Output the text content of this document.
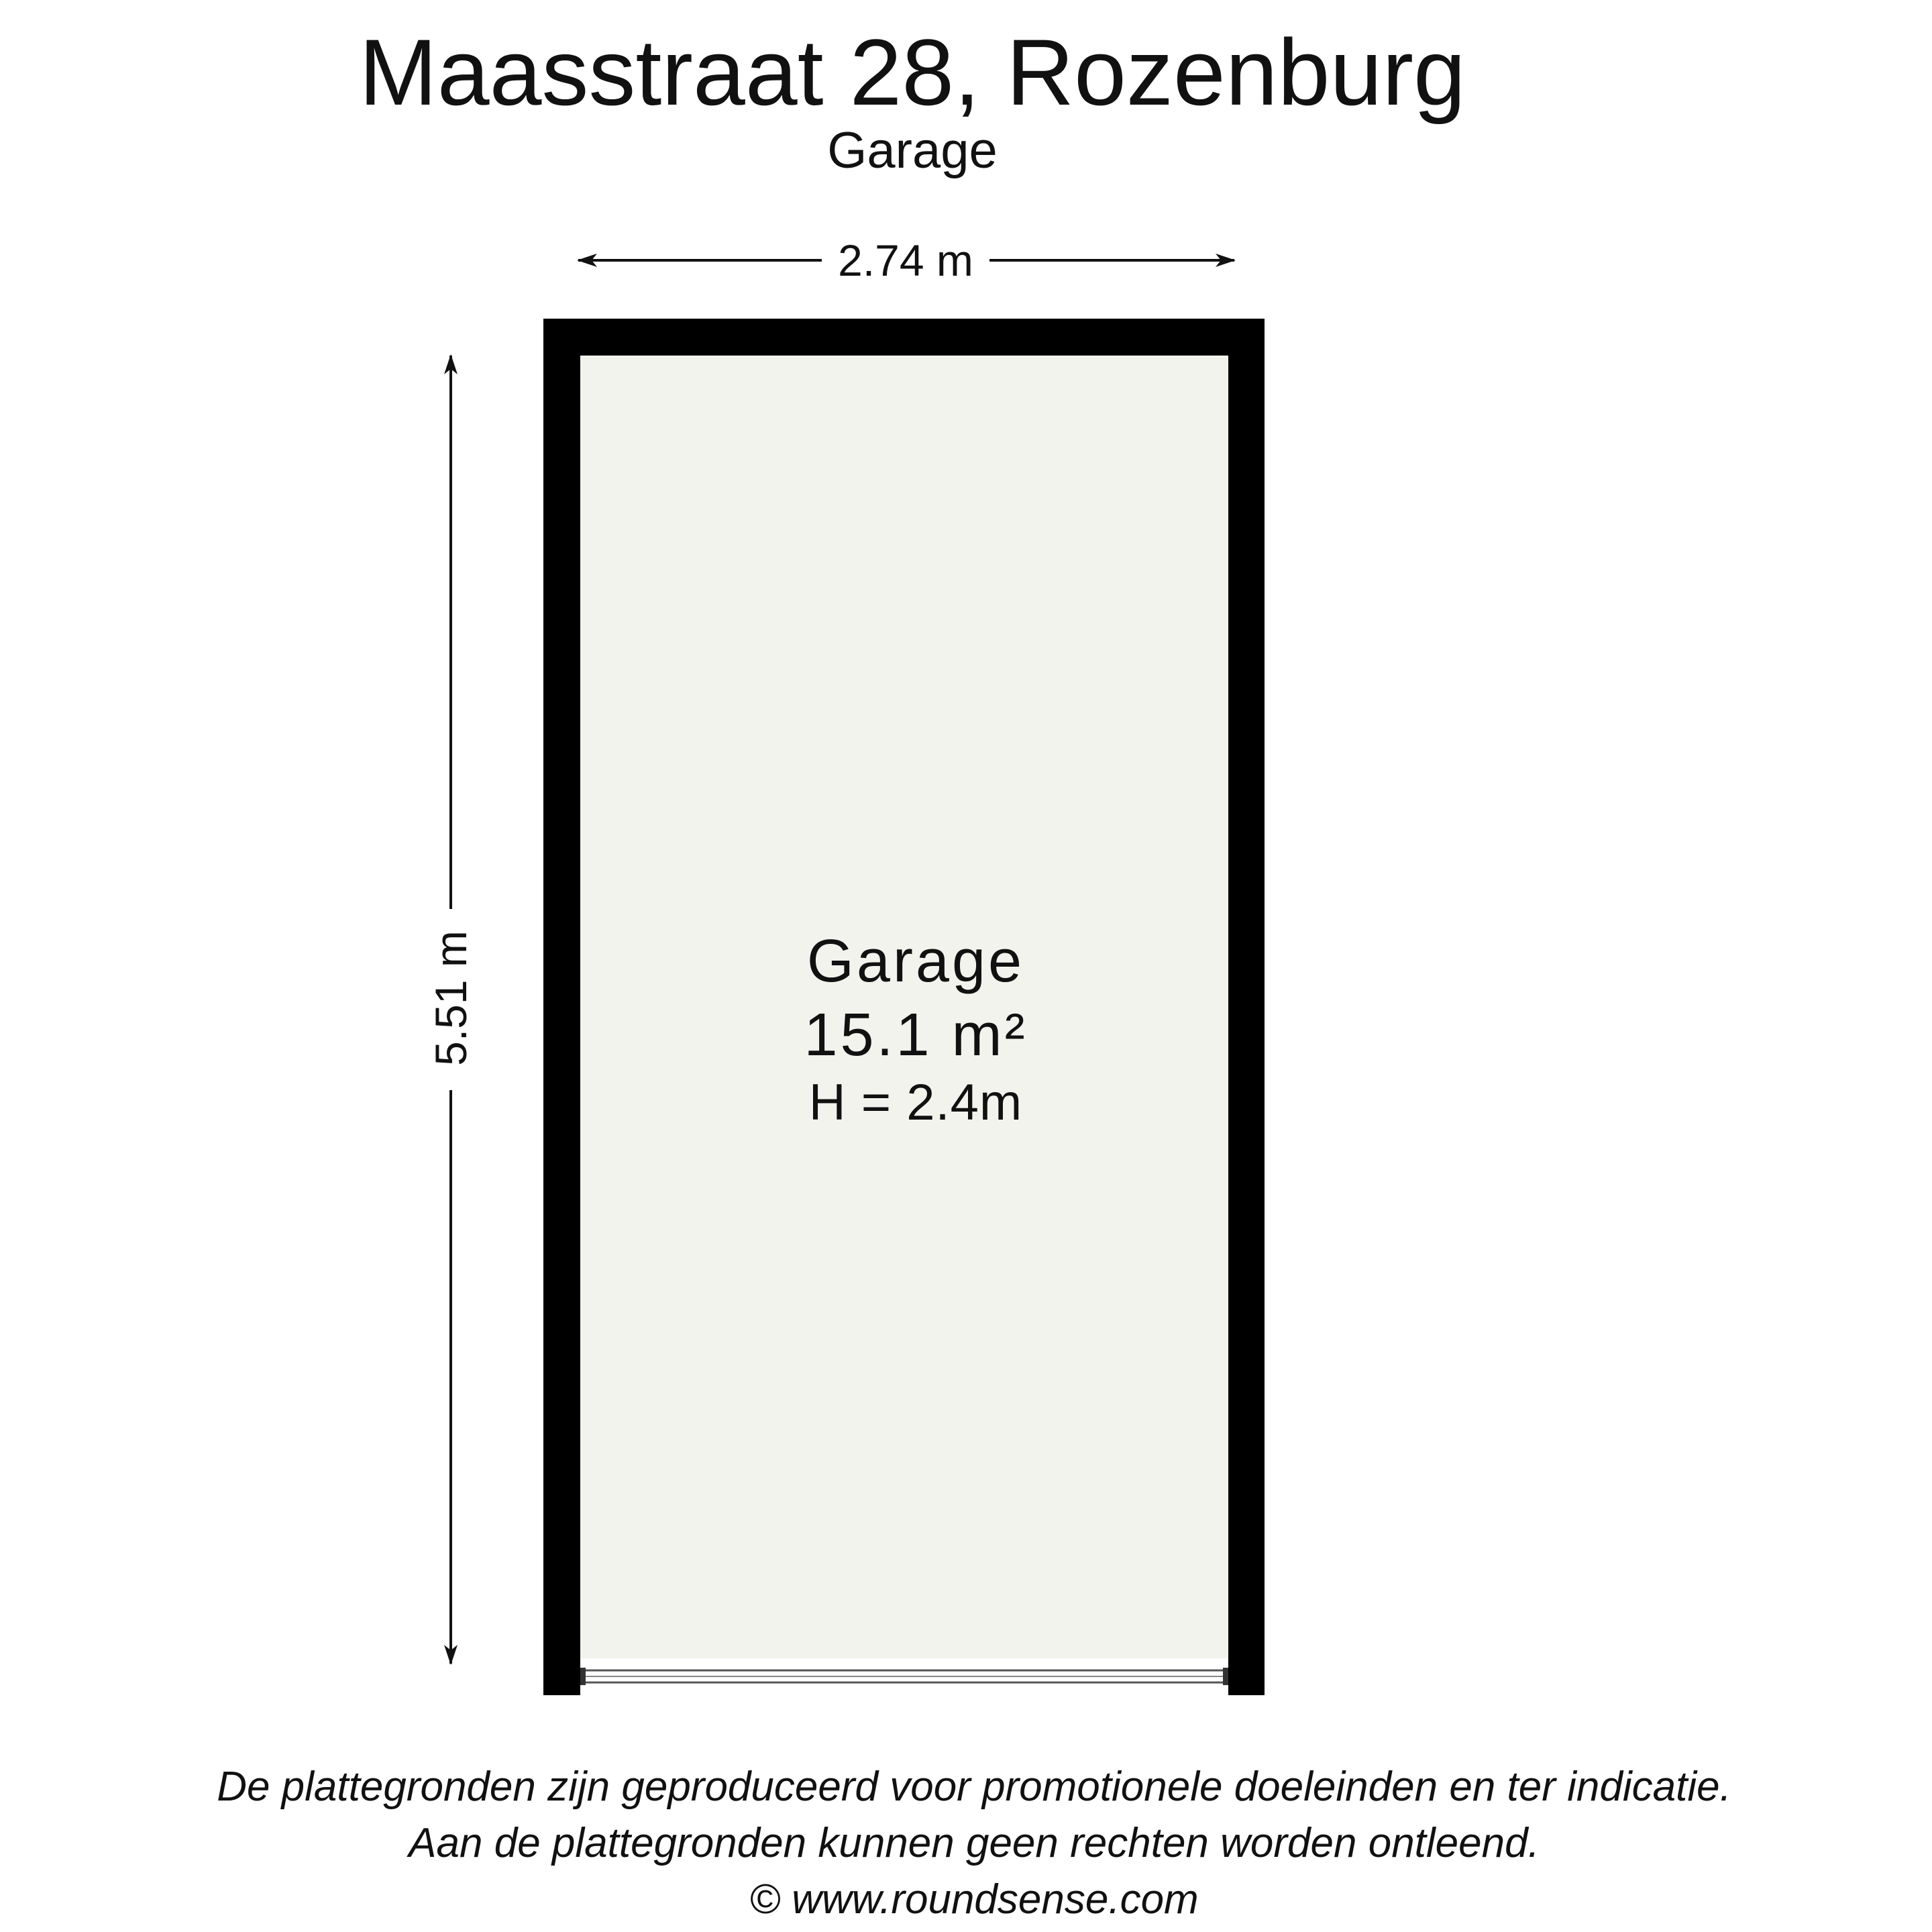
Maasstraat 28, Rozenburg
Garage
2.74 m
5.51 m	Garage
15.1 m²
H = 2.4m
De plattegronden zijn geproduceerd voor promotionele doeleinden en ter indicatie.
Aan de plattegronden kunnen geen rechten worden ontleend.
© www.roundsense.com
